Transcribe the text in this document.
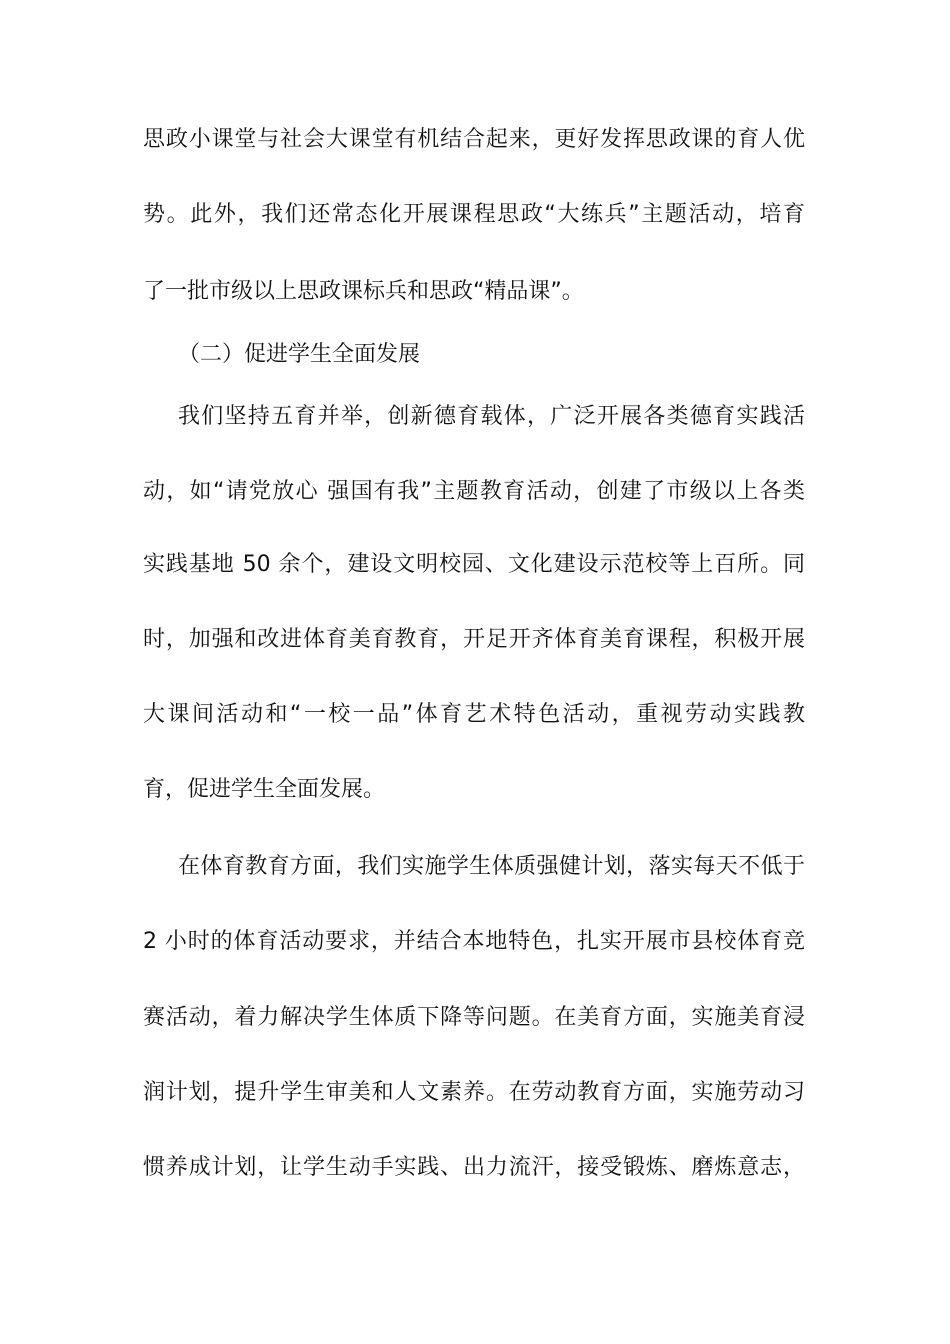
思政小课堂与社会大课堂有机结合起来，更好发挥思政课的育人优
势。此外，我们还常态化开展课程思政“大练兵”主题活动，培育
了一批市级以上思政课标兵和思政“精品课”。
（二）促进学生全面发展
我们坚持五育并举，创新德育载体，广泛开展各类德育实践活
动，如“请党放心 强国有我”主题教育活动，创建了市级以上各类
实践基地 50 余个，建设文明校园、文化建设示范校等上百所。同
时，加强和改进体育美育教育，开足开齐体育美育课程，积极开展
大课间活动和“一校一品”体育艺术特色活动，重视劳动实践教
育，促进学生全面发展。
在体育教育方面，我们实施学生体质强健计划，落实每天不低于
2 小时的体育活动要求，并结合本地特色，扎实开展市县校体育竞
赛活动，着力解决学生体质下降等问题。在美育方面，实施美育浸
润计划，提升学生审美和人文素养。在劳动教育方面，实施劳动习
惯养成计划，让学生动手实践、出力流汗，接受锻炼、磨炼意志，
